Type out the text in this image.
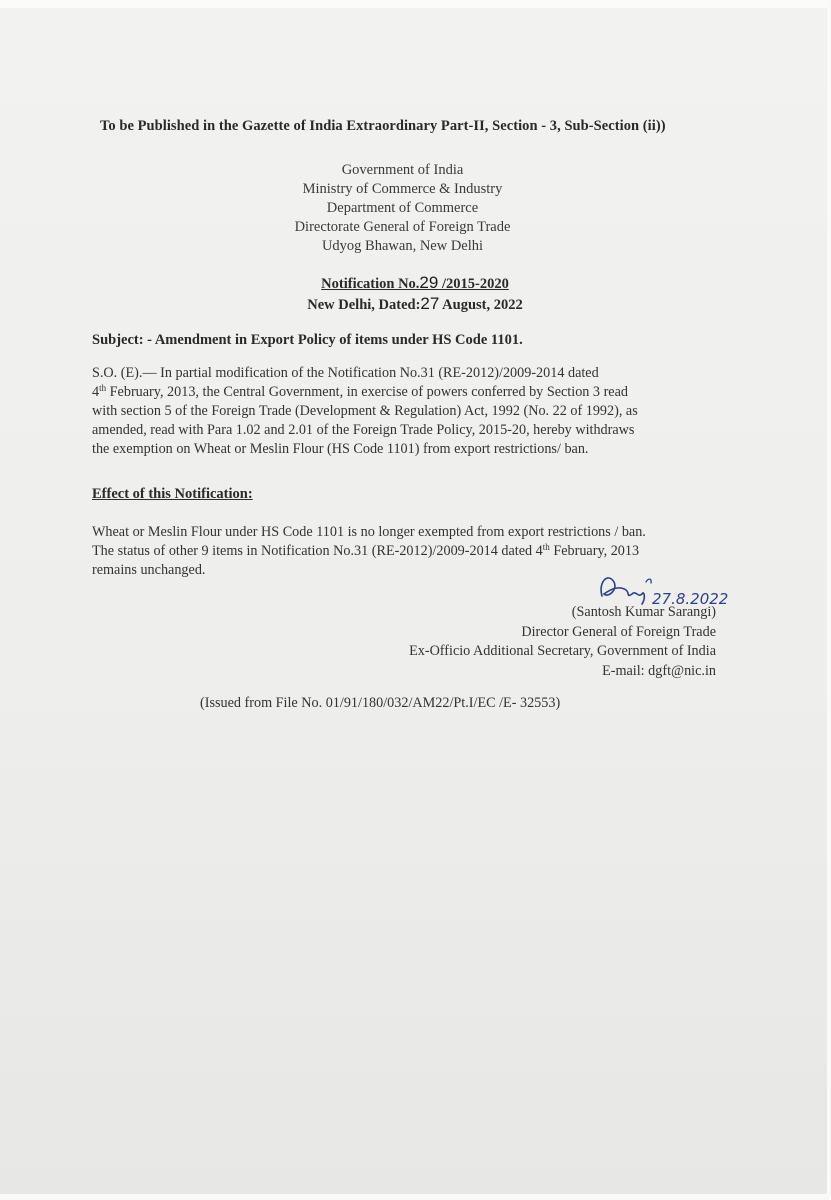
To be Published in the Gazette of India Extraordinary Part-II, Section - 3, Sub-Section (ii))
Government of India
Ministry of Commerce & Industry
Department of Commerce
Directorate General of Foreign Trade
Udyog Bhawan, New Delhi
Notification No.29 /2015-2020
New Delhi, Dated:27 August, 2022
Subject: - Amendment in Export Policy of items under HS Code 1101.
S.O. (E).— In partial modification of the Notification No.31 (RE-2012)/2009-2014 dated
4th February, 2013, the Central Government, in exercise of powers conferred by Section 3 read
with section 5 of the Foreign Trade (Development & Regulation) Act, 1992 (No. 22 of 1992), as
amended, read with Para 1.02 and 2.01 of the Foreign Trade Policy, 2015-20, hereby withdraws
the exemption on Wheat or Meslin Flour (HS Code 1101) from export restrictions/ ban.
Effect of this Notification:
Wheat or Meslin Flour under HS Code 1101 is no longer exempted from export restrictions / ban.
The status of other 9 items in Notification No.31 (RE-2012)/2009-2014 dated 4th February, 2013
remains unchanged.
27.8.2022
(Santosh Kumar Sarangi)
Director General of Foreign Trade
Ex-Officio Additional Secretary, Government of India
E-mail: dgft@nic.in
(Issued from File No. 01/91/180/032/AM22/Pt.I/EC /E- 32553)
